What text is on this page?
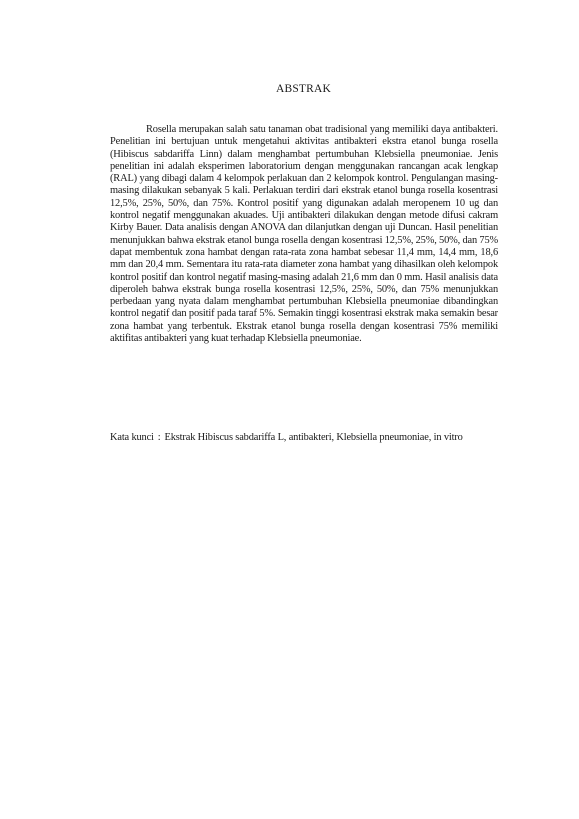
ABSTRAK

Rosella merupakan salah satu tanaman obat tradisional yang memiliki daya antibakteri. Penelitian ini bertujuan untuk mengetahui aktivitas antibakteri ekstra etanol bunga rosella (Hibiscus sabdariffa Linn) dalam menghambat pertumbuhan Klebsiella pneumoniae. Jenis penelitian ini adalah eksperimen laboratorium dengan menggunakan rancangan acak lengkap (RAL) yang dibagi dalam 4 kelompok perlakuan dan 2 kelompok kontrol. Pengulangan masing-masing dilakukan sebanyak 5 kali. Perlakuan terdiri dari ekstrak etanol bunga rosella kosentrasi 12,5%, 25%, 50%, dan 75%. Kontrol positif yang digunakan adalah meropenem 10 ug dan kontrol negatif menggunakan akuades. Uji antibakteri dilakukan dengan metode difusi cakram Kirby Bauer. Data analisis dengan ANOVA dan dilanjutkan dengan uji Duncan. Hasil penelitian menunjukkan bahwa ekstrak etanol bunga rosella dengan kosentrasi 12,5%, 25%, 50%, dan 75% dapat membentuk zona hambat dengan rata-rata zona hambat sebesar 11,4 mm, 14,4 mm, 18,6 mm dan 20,4 mm. Sementara itu rata-rata diameter zona hambat yang dihasilkan oleh kelompok kontrol positif dan kontrol negatif masing-masing adalah 21,6 mm dan 0 mm. Hasil analisis data diperoleh bahwa ekstrak bunga rosella kosentrasi 12,5%, 25%, 50%, dan 75% menunjukkan perbedaan yang nyata dalam menghambat pertumbuhan Klebsiella pneumoniae dibandingkan kontrol negatif dan positif pada taraf 5%. Semakin tinggi kosentrasi ekstrak maka semakin besar zona hambat yang terbentuk. Ekstrak etanol bunga rosella dengan kosentrasi 75% memiliki aktifitas antibakteri yang kuat terhadap Klebsiella pneumoniae.

Kata kunci : Ekstrak Hibiscus sabdariffa L, antibakteri, Klebsiella pneumoniae, in vitro
